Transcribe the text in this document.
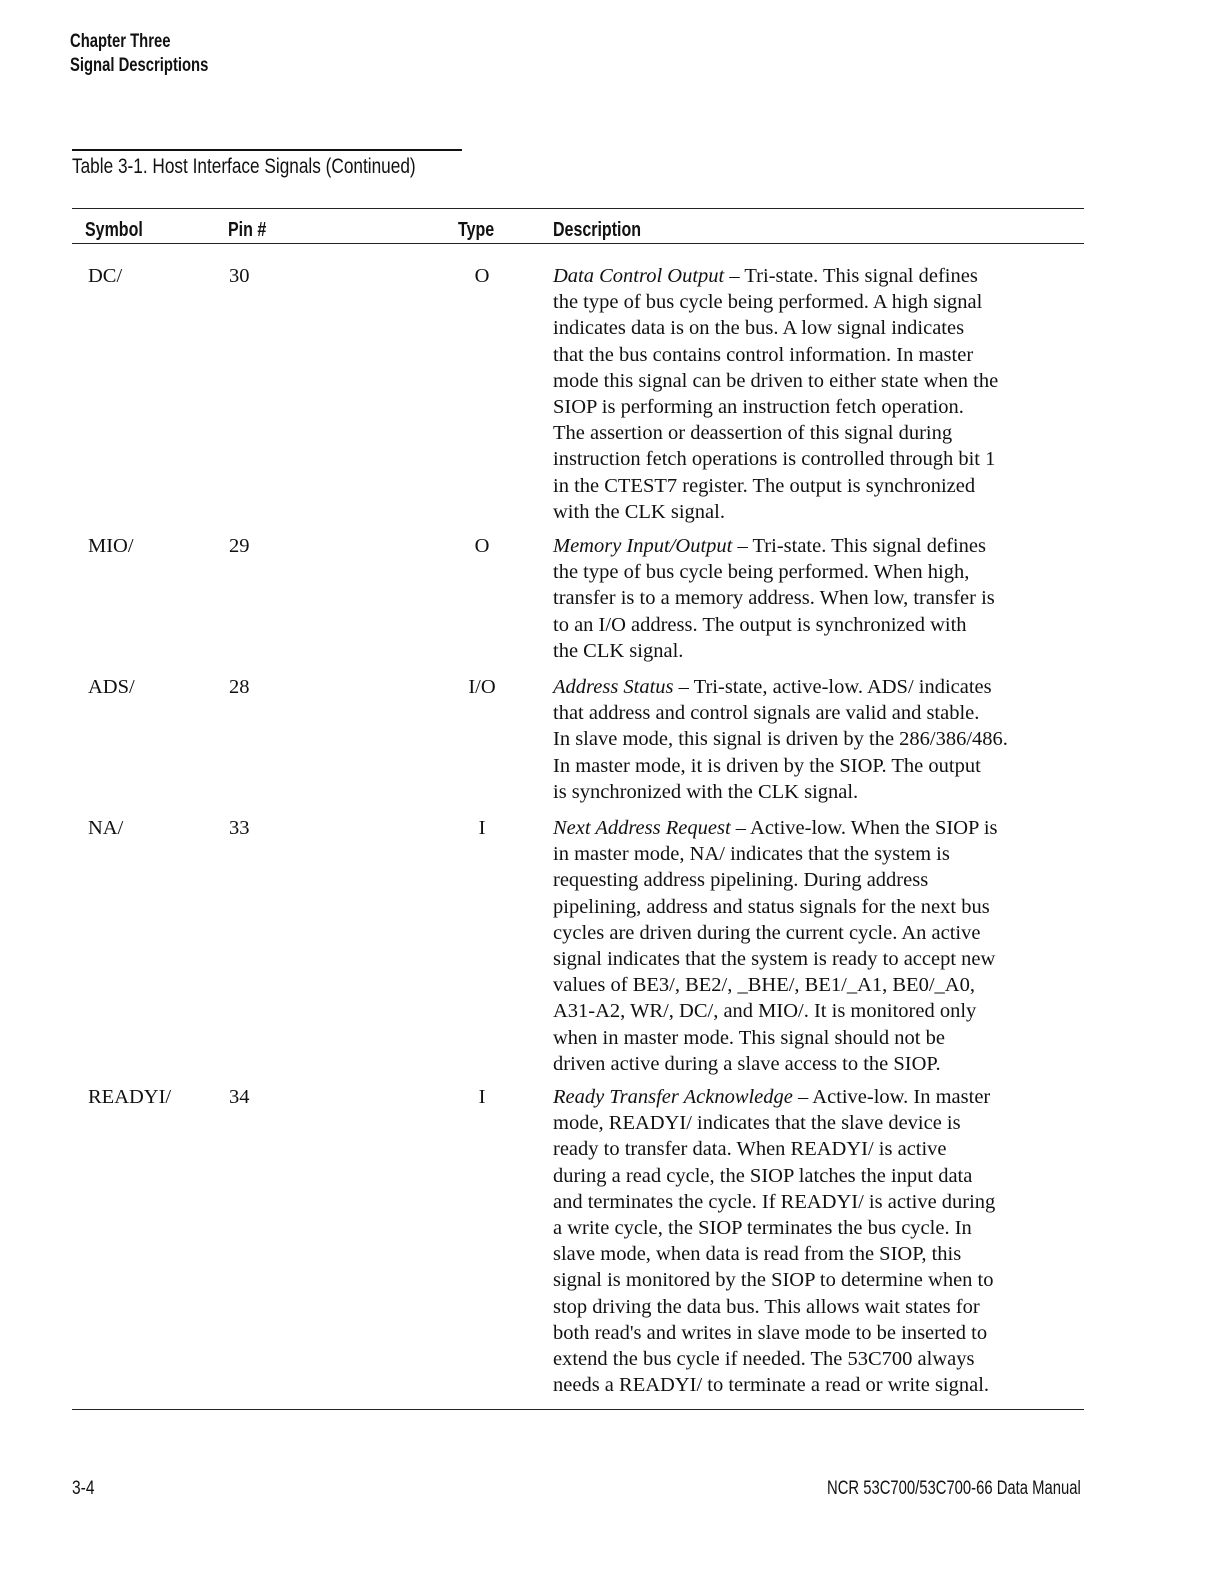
Chapter Three
Signal Descriptions
Table 3-1. Host Interface Signals (Continued)
Symbol	Pin #	Type	Description
DC/	30	O	Data Control Output – Tri-state. This signal defines
the type of bus cycle being performed. A high signal
indicates data is on the bus. A low signal indicates
that the bus contains control information. In master
mode this signal can be driven to either state when the
SIOP is performing an instruction fetch operation.
The assertion or deassertion of this signal during
instruction fetch operations is controlled through bit 1
in the CTEST7 register. The output is synchronized
with the CLK signal.
MIO/	29	O	Memory Input/Output – Tri-state. This signal defines
the type of bus cycle being performed. When high,
transfer is to a memory address. When low, transfer is
to an I/O address. The output is synchronized with
the CLK signal.
ADS/	28	I/O	Address Status – Tri-state, active-low. ADS/ indicates
that address and control signals are valid and stable.
In slave mode, this signal is driven by the 286/386/486.
In master mode, it is driven by the SIOP. The output
is synchronized with the CLK signal.
NA/	33	I	Next Address Request – Active-low. When the SIOP is
in master mode, NA/ indicates that the system is
requesting address pipelining. During address
pipelining, address and status signals for the next bus
cycles are driven during the current cycle. An active
signal indicates that the system is ready to accept new
values of BE3/, BE2/, _BHE/, BE1/_A1, BE0/_A0,
A31-A2, WR/, DC/, and MIO/. It is monitored only
when in master mode. This signal should not be
driven active during a slave access to the SIOP.
READYI/	34	I	Ready Transfer Acknowledge – Active-low. In master
mode, READYI/ indicates that the slave device is
ready to transfer data. When READYI/ is active
during a read cycle, the SIOP latches the input data
and terminates the cycle. If READYI/ is active during
a write cycle, the SIOP terminates the bus cycle. In
slave mode, when data is read from the SIOP, this
signal is monitored by the SIOP to determine when to
stop driving the data bus. This allows wait states for
both read's and writes in slave mode to be inserted to
extend the bus cycle if needed. The 53C700 always
needs a READYI/ to terminate a read or write signal.
3-4	NCR 53C700/53C700-66 Data Manual
